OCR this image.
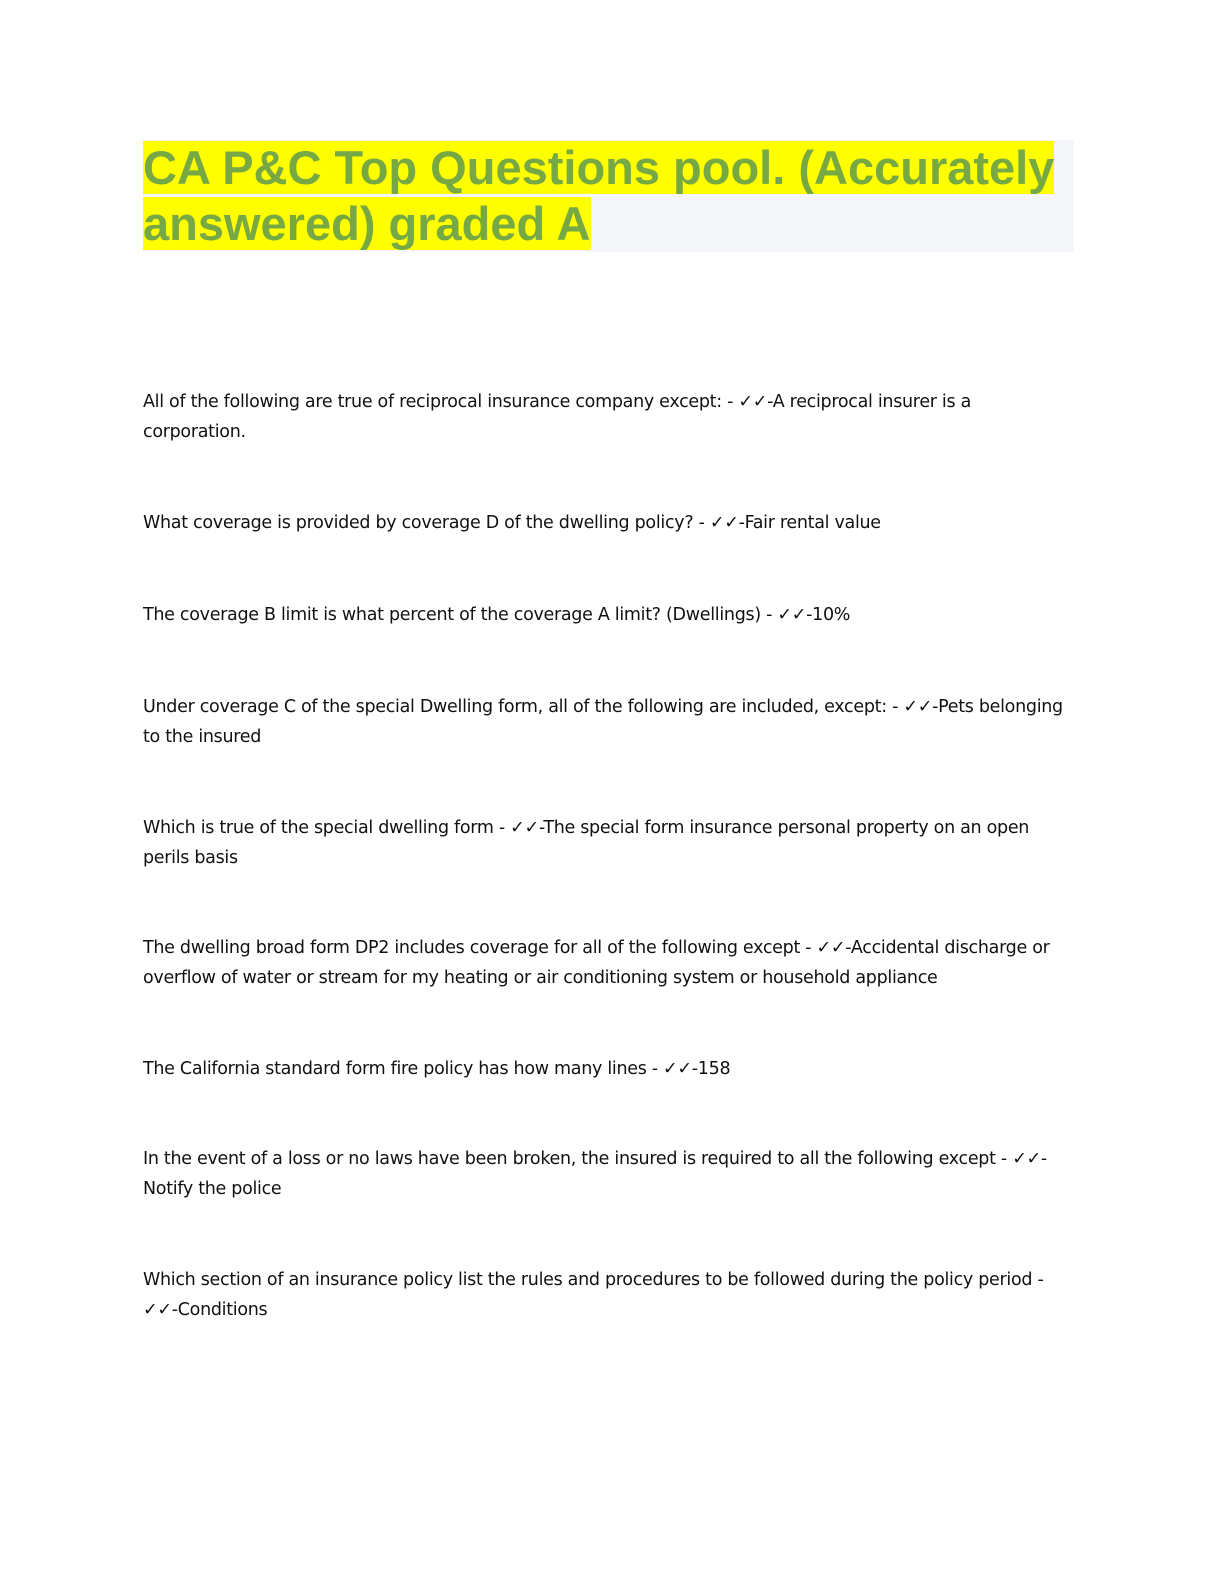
CA P&C Top Questions pool. (Accurately answered) graded A

All of the following are true of reciprocal insurance company except: - ✓✓-A reciprocal insurer is a corporation.

What coverage is provided by coverage D of the dwelling policy? - ✓✓-Fair rental value

The coverage B limit is what percent of the coverage A limit? (Dwellings) - ✓✓-10%

Under coverage C of the special Dwelling form, all of the following are included, except: - ✓✓-Pets belonging to the insured

Which is true of the special dwelling form - ✓✓-The special form insurance personal property on an open perils basis

The dwelling broad form DP2 includes coverage for all of the following except - ✓✓-Accidental discharge or overflow of water or stream for my heating or air conditioning system or household appliance

The California standard form fire policy has how many lines - ✓✓-158

In the event of a loss or no laws have been broken, the insured is required to all the following except - ✓✓-Notify the police

Which section of an insurance policy list the rules and procedures to be followed during the policy period - ✓✓-Conditions
